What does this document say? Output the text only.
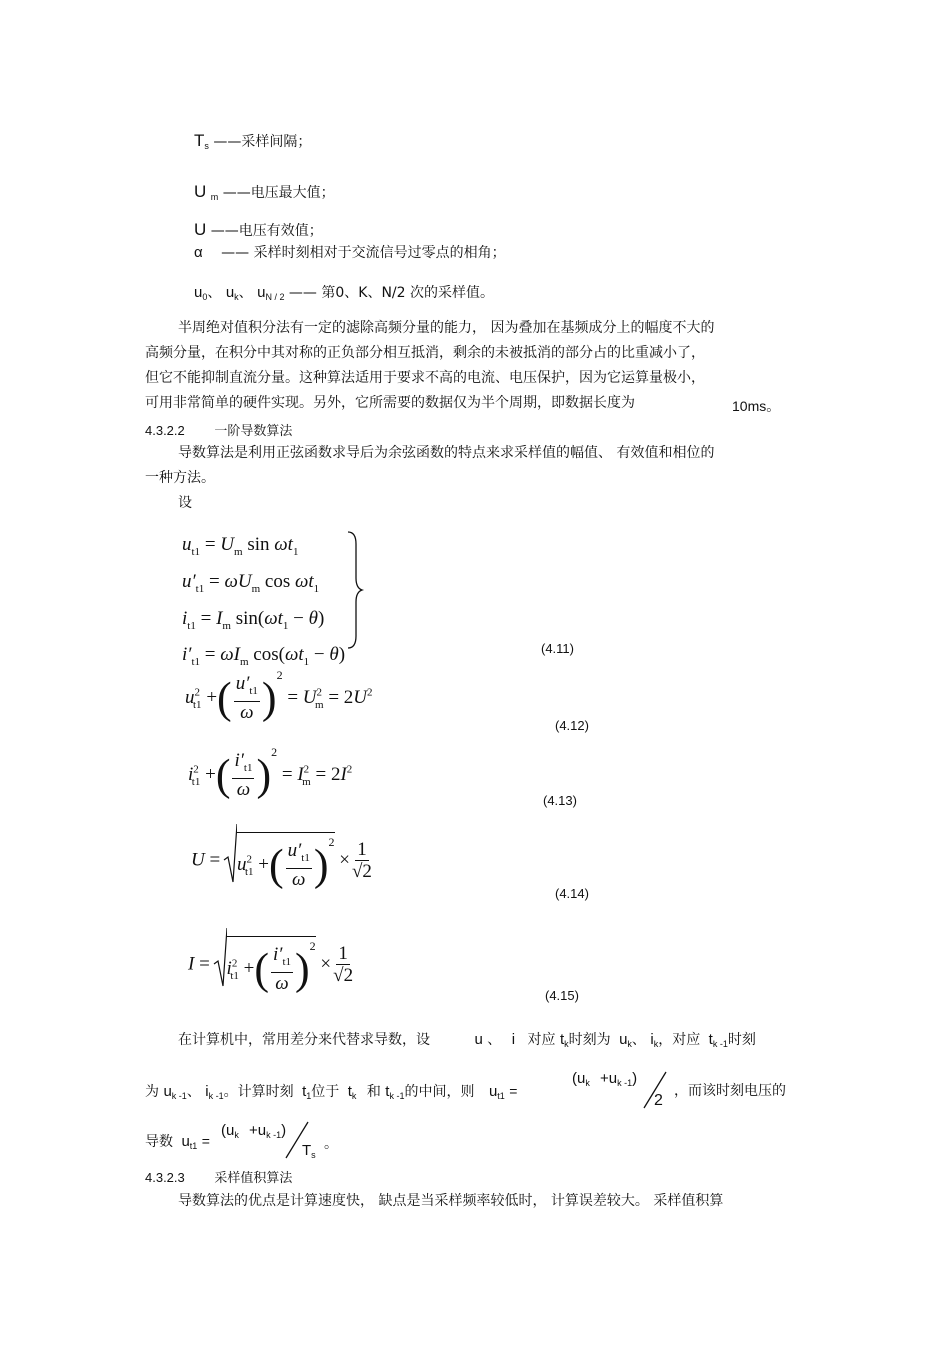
$T_s$ ——采样间隔；
U $_m$ ——电压最大值；
U ——电压有效值；
α —— 采样时刻相对于交流信号过零点的相角；
$u_0$、 $u_k$、 $u_{N / 2}$ —— 第0、K、N/2 次的采样值。
半周绝对值积分法有一定的滤除高频分量的能力， 因为叠加在基频成分上的幅度不大的
高频分量，在积分中其对称的正负部分相互抵消，剩余的未被抵消的部分占的比重减小了，
但它不能抑制直流分量。这种算法适用于要求不高的电流、电压保护，因为它运算量极小，
可用非常简单的硬件实现。另外，它所需要的数据仅为半个周期，即数据长度为	10ms。
4.3.2.2 一阶导数算法
导数算法是利用正弦函数求导后为余弦函数的特点来求采样值的幅值、 有效值和相位的
一种方法。
设
$u_{t1} = U_m$ $\sin \omega t_1$
$u'_{t1} = \omega U_m$ $\cos \omega t_1$
$i_{t1} = I_m$ $\sin(\omega t_1 - \theta)$
$i'_{t1} = \omega I_m$ $\cos(\omega t_1 - \theta)$	(4.11)
$u^2_{t1}$ +( $\frac{u'_{t1}}{\omega} )^2 = U^2_m = 2U^2$
(4.12)
$i^2_{t1}$ +( $\frac{i'_{t1}}{\omega} )^2 = I^2_m = 2I^2$
(4.13)
$U = u^2_{t1}$ +( $\frac{u'_{t1}}{\omega} )^2 \times \frac{1}{√2}$
(4.14)
$I = i^2_{t1}$ +( $\frac{i'_{t1}}{\omega} )^2 \times \frac{1}{√2}$
(4.15)
在计算机中，常用差分来代替求导数，设	u 、 i 对应 $t_k$时刻为 $u_k$、 $i_k$，对应 $t_{k -1}$时刻
为 $u_{k -1}$、 $i_{k -1}$。计算时刻 $t_1$位于 $t_k$ 和 $t_{k -1}$的中间，则 $u_{t1}$ =
$(u_k +u_{k -1})$
2
，而该时刻电压的
导数 $u_{t1}$ =
$(u_k +u_{k -1})$
$T_s$
。
4.3.2.3 采样值积算法
导数算法的优点是计算速度快， 缺点是当采样频率较低时， 计算误差较大。 采样值积算
